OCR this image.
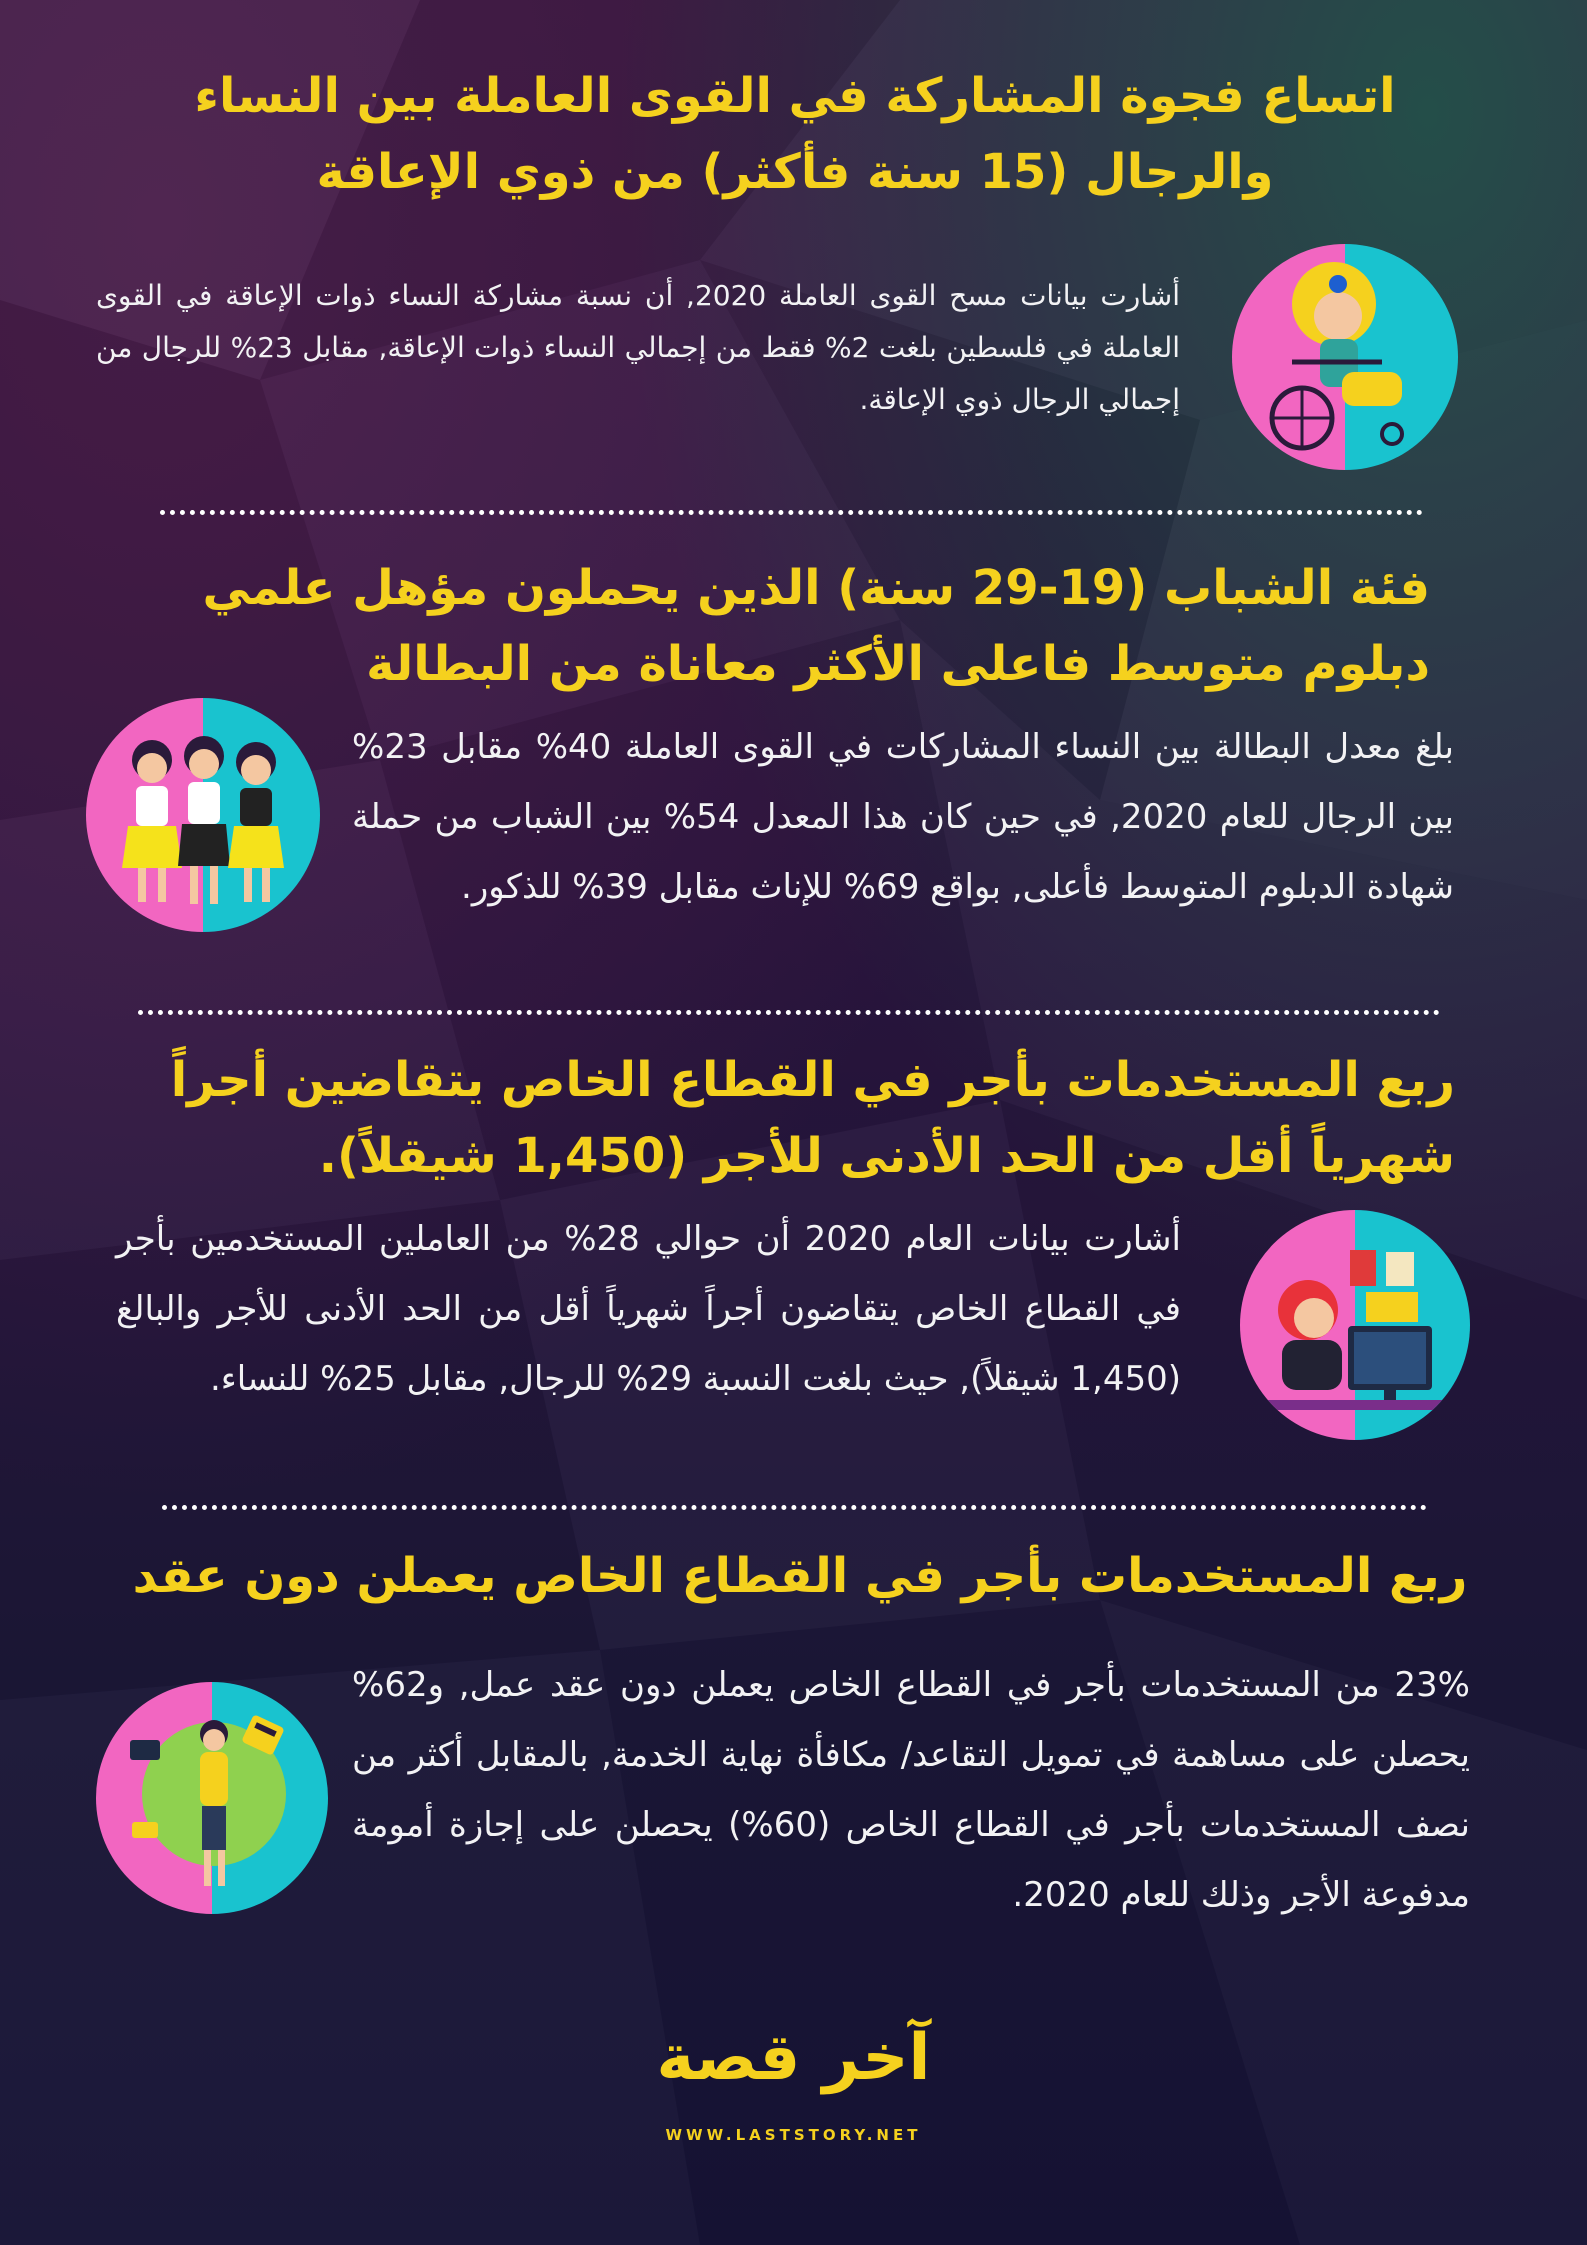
اتساع فجوة المشاركة في القوى العاملة بين النساء والرجال (15 سنة فأكثر) من ذوي الإعاقة

أشارت بيانات مسح القوى العاملة 2020, أن نسبة مشاركة النساء ذوات الإعاقة في القوى العاملة في فلسطين بلغت 2% فقط من إجمالي النساء ذوات الإعاقة, مقابل 23% للرجال من إجمالي الرجال ذوي الإعاقة.

فئة الشباب (19-29 سنة) الذين يحملون مؤهل علمي دبلوم متوسط فاعلى الأكثر معاناة من البطالة

بلغ معدل البطالة بين النساء المشاركات في القوى العاملة 40% مقابل 23% بين الرجال للعام 2020, في حين كان هذا المعدل 54% بين الشباب من حملة شهادة الدبلوم المتوسط فأعلى, بواقع 69% للإناث مقابل 39% للذكور.

ربع المستخدمات بأجر في القطاع الخاص يتقاضين أجراً شهرياً أقل من الحد الأدنى للأجر (1,450 شيقلاً).

أشارت بيانات العام 2020 أن حوالي 28% من العاملين المستخدمين بأجر في القطاع الخاص يتقاضون أجراً شهرياً أقل من الحد الأدنى للأجر والبالغ (1,450 شيقلاً), حيث بلغت النسبة 29% للرجال, مقابل 25% للنساء.

ربع المستخدمات بأجر في القطاع الخاص يعملن دون عقد

23% من المستخدمات بأجر في القطاع الخاص يعملن دون عقد عمل, و62% يحصلن على مساهمة في تمويل التقاعد/ مكافأة نهاية الخدمة, بالمقابل أكثر من نصف المستخدمات بأجر في القطاع الخاص (60%) يحصلن على إجازة أمومة مدفوعة الأجر وذلك للعام 2020.

آخر قصة
WWW.LASTSTORY.NET
